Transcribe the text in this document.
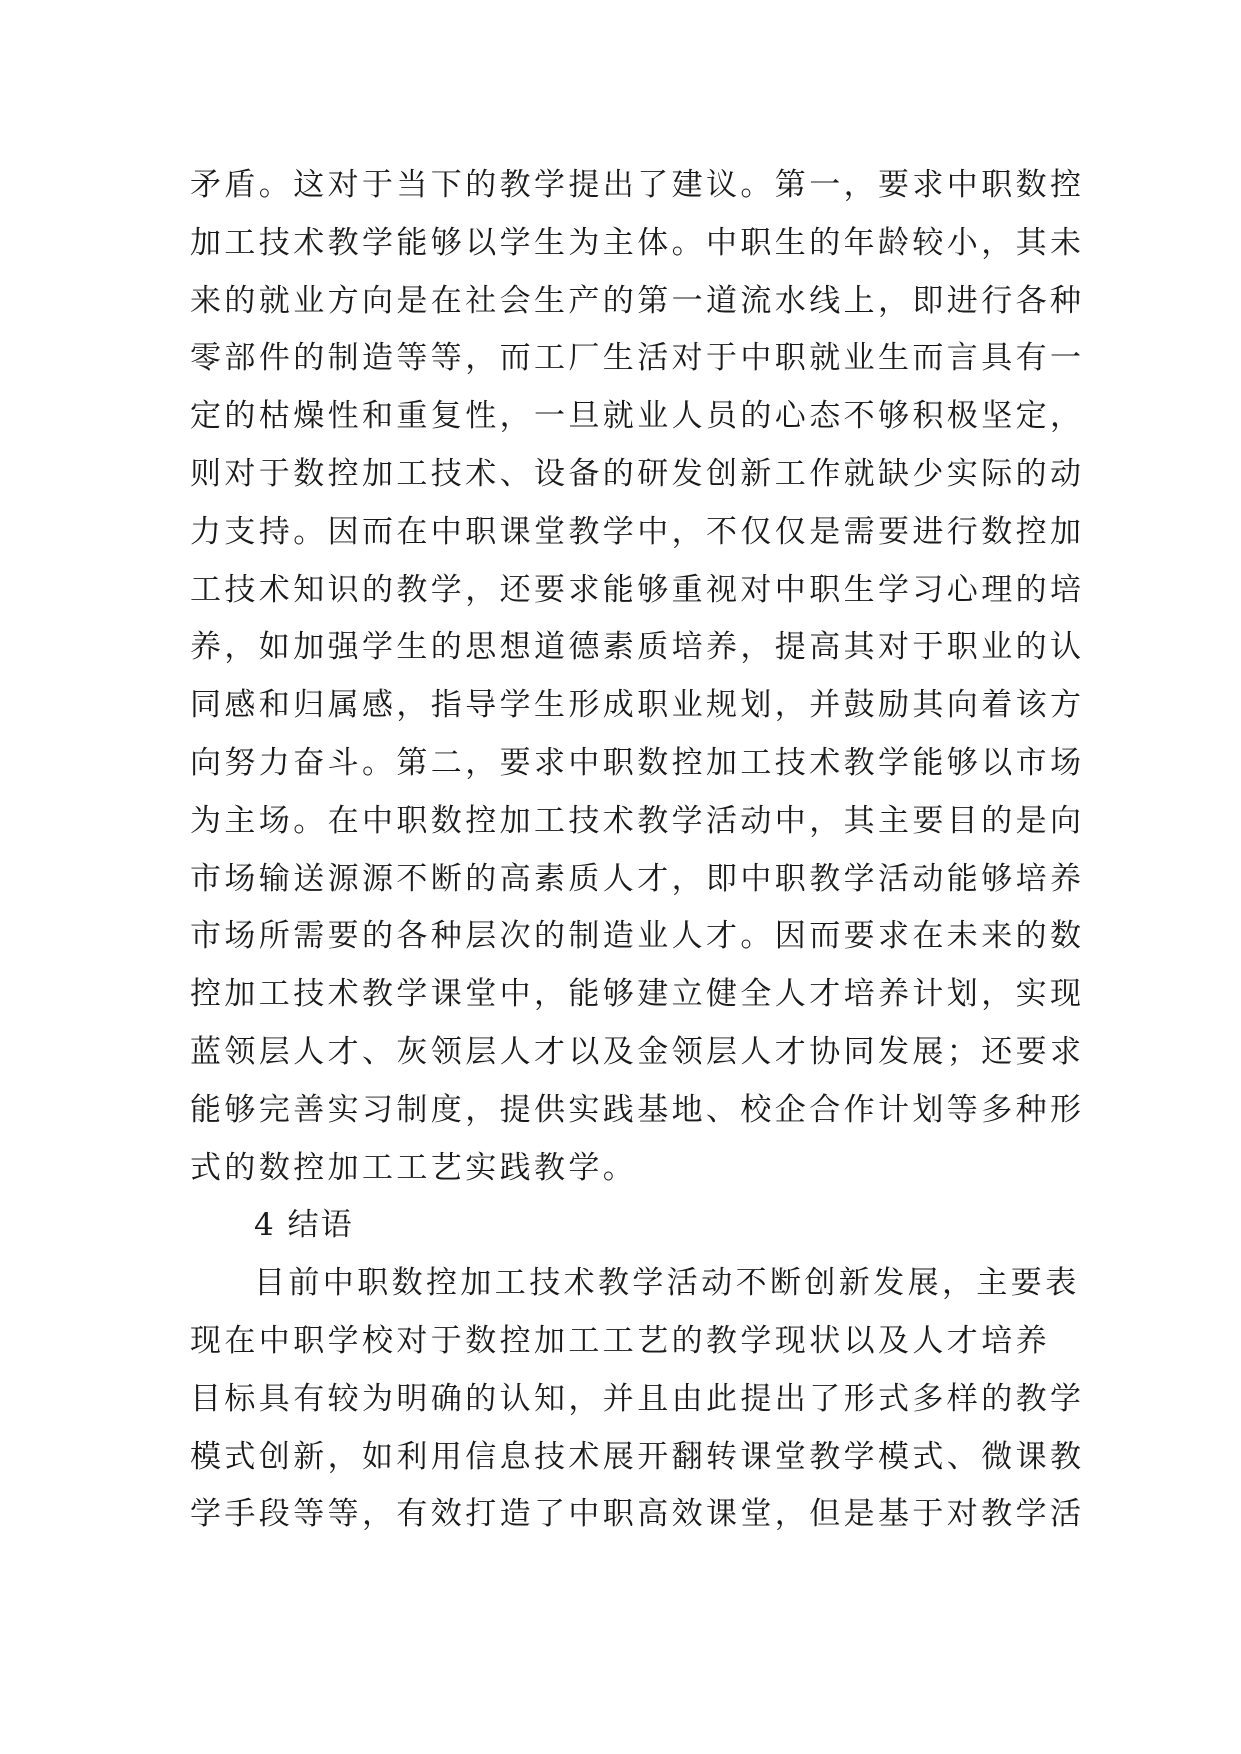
矛盾。这对于当下的教学提出了建议。第一，要求中职数控
加工技术教学能够以学生为主体。中职生的年龄较小，其未
来的就业方向是在社会生产的第一道流水线上，即进行各种
零部件的制造等等，而工厂生活对于中职就业生而言具有一
定的枯燥性和重复性，一旦就业人员的心态不够积极坚定，
则对于数控加工技术、设备的研发创新工作就缺少实际的动
力支持。因而在中职课堂教学中，不仅仅是需要进行数控加
工技术知识的教学，还要求能够重视对中职生学习心理的培
养，如加强学生的思想道德素质培养，提高其对于职业的认
同感和归属感，指导学生形成职业规划，并鼓励其向着该方
向努力奋斗。第二，要求中职数控加工技术教学能够以市场
为主场。在中职数控加工技术教学活动中，其主要目的是向
市场输送源源不断的高素质人才，即中职教学活动能够培养
市场所需要的各种层次的制造业人才。因而要求在未来的数
控加工技术教学课堂中，能够建立健全人才培养计划，实现
蓝领层人才、灰领层人才以及金领层人才协同发展；还要求
能够完善实习制度，提供实践基地、校企合作计划等多种形
式的数控加工工艺实践教学。
4 结语
目前中职数控加工技术教学活动不断创新发展，主要表
现在中职学校对于数控加工工艺的教学现状以及人才培养
目标具有较为明确的认知，并且由此提出了形式多样的教学
模式创新，如利用信息技术展开翻转课堂教学模式、微课教
学手段等等，有效打造了中职高效课堂，但是基于对教学活
